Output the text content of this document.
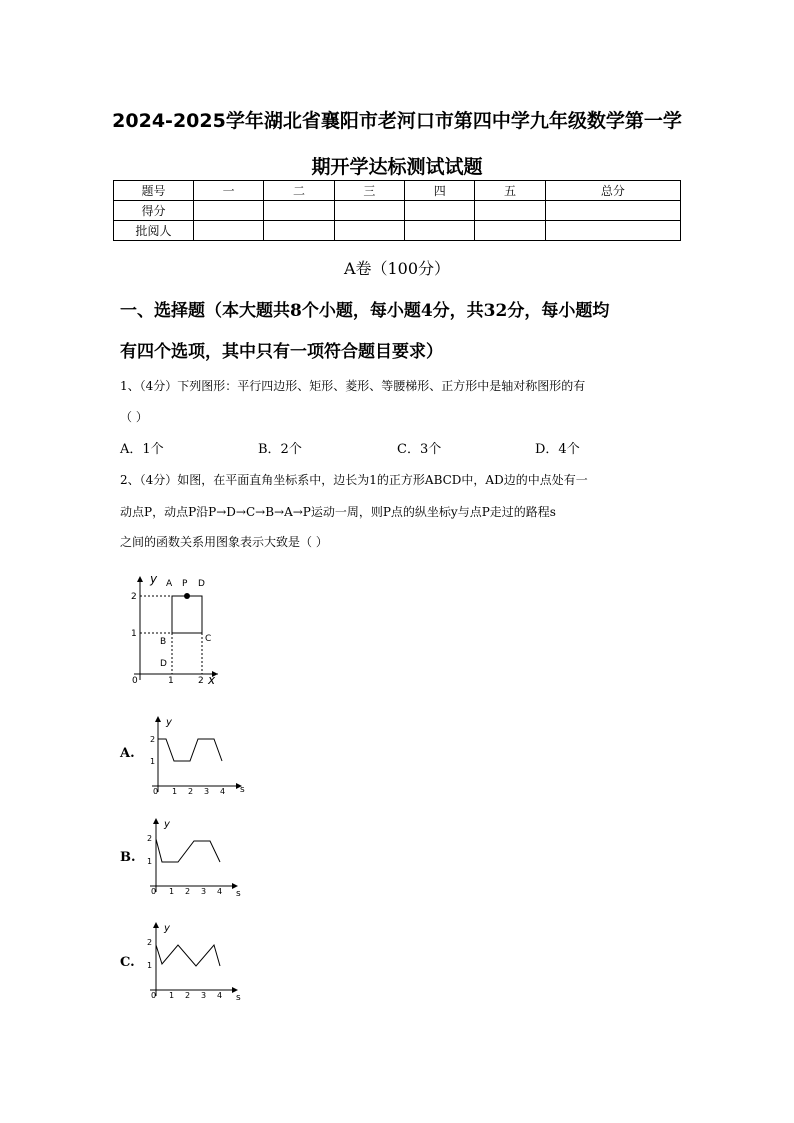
2024-2025学年湖北省襄阳市老河口市第四中学九年级数学第一学
期开学达标测试试题
题号	一	二	三	四	五	总分
得分						
批阅人						
A卷（100分）
一、选择题（本大题共8个小题，每小题4分，共32分，每小题均
有四个选项，其中只有一项符合题目要求）
1、（4分）下列图形：平行四边形、矩形、菱形、等腰梯形、正方形中是轴对称图形的有
（ ）
A．1个	B．2个	C．3个	D．4个
2、（4分）如图，在平面直角坐标系中，边长为1的正方形ABCD中，AD边的中点处有一
动点P，动点P沿P→D→C→B→A→P运动一周，则P点的纵坐标y与点P走过的路程s
之间的函数关系用图象表示大致是（ ）
y
x
0	1	2
1
2
A P D
B	C
D
A.
y
s
2
1
0 1 2 3 4
B.
y
s
2
1
0 1 2 3 4
C.
y
s
2
1
0 1 2 3 4
